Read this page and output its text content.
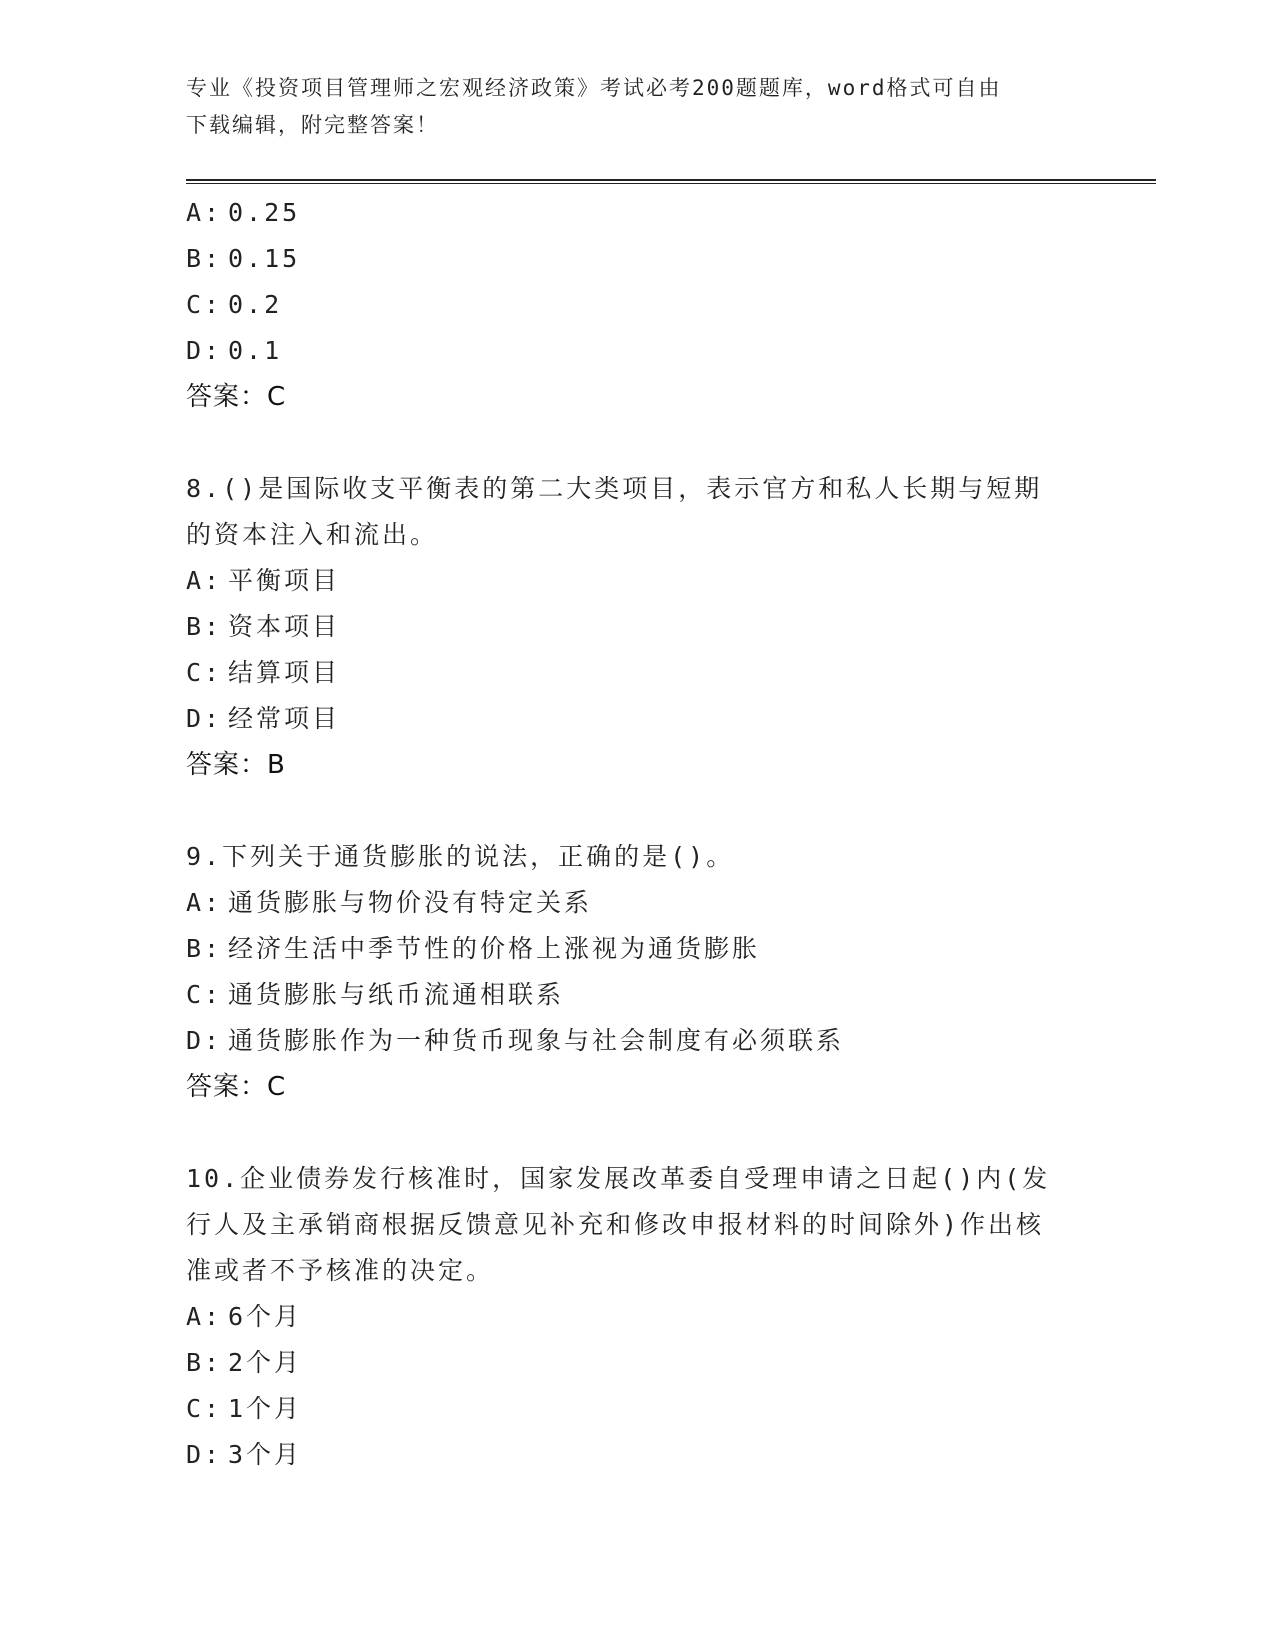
专业《投资项目管理师之宏观经济政策》考试必考200题题库，word格式可自由
下载编辑，附完整答案！
A: 0.25
B: 0.15
C: 0.2
D: 0.1
答案：C
8.()是国际收支平衡表的第二大类项目，表示官方和私人长期与短期
的资本注入和流出。
A: 平衡项目
B: 资本项目
C: 结算项目
D: 经常项目
答案：B
9.下列关于通货膨胀的说法，正确的是()。
A: 通货膨胀与物价没有特定关系
B: 经济生活中季节性的价格上涨视为通货膨胀
C: 通货膨胀与纸币流通相联系
D: 通货膨胀作为一种货币现象与社会制度有必须联系
答案：C
10.企业债券发行核准时，国家发展改革委自受理申请之日起()内(发
行人及主承销商根据反馈意见补充和修改申报材料的时间除外)作出核
准或者不予核准的决定。
A: 6个月
B: 2个月
C: 1个月
D: 3个月
